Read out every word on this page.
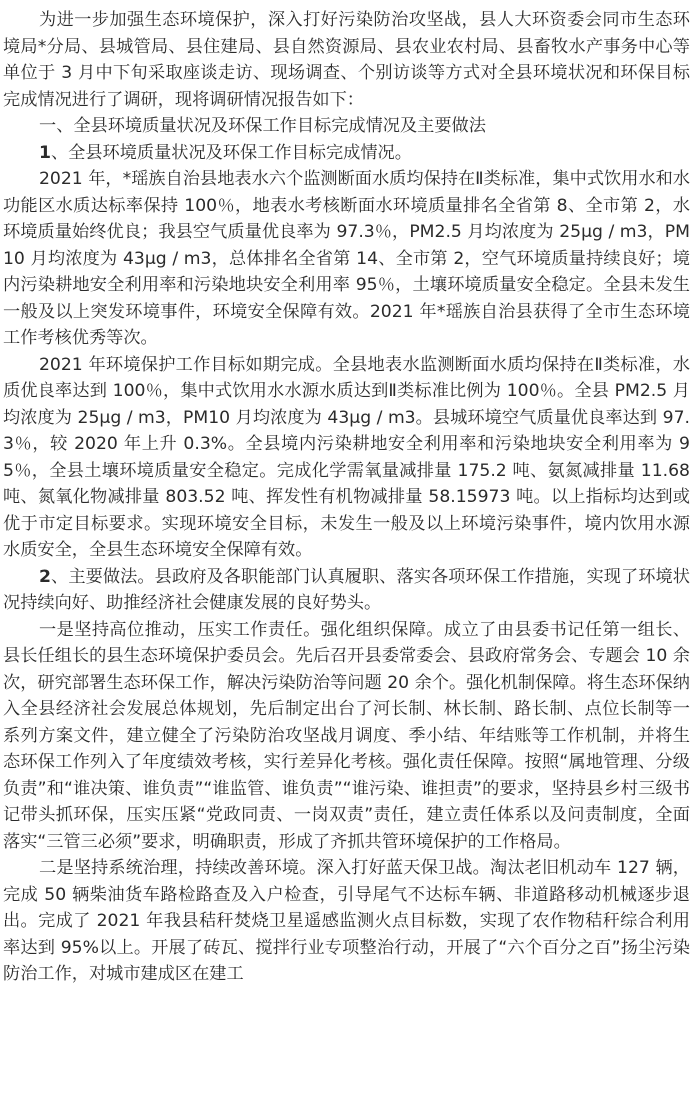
为进一步加强生态环境保护，深入打好污染防治攻坚战，县人大环资委会同市生态环境局*分局、县城管局、县住建局、县自然资源局、县农业农村局、县畜牧水产事务中心等单位于 3 月中下旬采取座谈走访、现场调查、个别访谈等方式对全县环境状况和环保目标完成情况进行了调研，现将调研情况报告如下：

一、全县环境质量状况及环保工作目标完成情况及主要做法

1、全县环境质量状况及环保工作目标完成情况。

2021 年，*瑶族自治县地表水六个监测断面水质均保持在Ⅱ类标准，集中式饮用水和水功能区水质达标率保持 100％，地表水考核断面水环境质量排名全省第 8、全市第 2，水环境质量始终优良；我县空气质量优良率为 97.3％，PM2.5 月均浓度为 25μg / m3，PM10 月均浓度为 43μg / m3，总体排名全省第 14、全市第 2，空气环境质量持续良好；境内污染耕地安全利用率和污染地块安全利用率 95％，土壤环境质量安全稳定。全县未发生一般及以上突发环境事件，环境安全保障有效。2021 年*瑶族自治县获得了全市生态环境工作考核优秀等次。

2021 年环境保护工作目标如期完成。全县地表水监测断面水质均保持在Ⅱ类标准，水质优良率达到 100％，集中式饮用水水源水质达到Ⅱ类标准比例为 100％。全县 PM2.5 月均浓度为 25μg / m3，PM10 月均浓度为 43μg / m3。县城环境空气质量优良率达到 97.3％，较 2020 年上升 0.3%。全县境内污染耕地安全利用率和污染地块安全利用率为 95％，全县土壤环境质量安全稳定。完成化学需氧量减排量 175.2 吨、氨氮减排量 11.68 吨、氮氧化物减排量 803.52 吨、挥发性有机物减排量 58.15973 吨。以上指标均达到或优于市定目标要求。实现环境安全目标，未发生一般及以上环境污染事件，境内饮用水源水质安全，全县生态环境安全保障有效。

2、主要做法。县政府及各职能部门认真履职、落实各项环保工作措施，实现了环境状况持续向好、助推经济社会健康发展的良好势头。

一是坚持高位推动，压实工作责任。强化组织保障。成立了由县委书记任第一组长、县长任组长的县生态环境保护委员会。先后召开县委常委会、县政府常务会、专题会 10 余次，研究部署生态环保工作，解决污染防治等问题 20 余个。强化机制保障。将生态环保纳入全县经济社会发展总体规划，先后制定出台了河长制、林长制、路长制、点位长制等一系列方案文件，建立健全了污染防治攻坚战月调度、季小结、年结账等工作机制，并将生态环保工作列入了年度绩效考核，实行差异化考核。强化责任保障。按照“属地管理、分级负责”和“谁决策、谁负责”“谁监管、谁负责”“谁污染、谁担责”的要求，坚持县乡村三级书记带头抓环保，压实压紧“党政同责、一岗双责”责任，建立责任体系以及问责制度，全面落实“三管三必须”要求，明确职责，形成了齐抓共管环境保护的工作格局。

二是坚持系统治理，持续改善环境。深入打好蓝天保卫战。淘汰老旧机动车 127 辆，完成 50 辆柴油货车路检路查及入户检查，引导尾气不达标车辆、非道路移动机械逐步退出。完成了 2021 年我县秸秆焚烧卫星遥感监测火点目标数，实现了农作物秸秆综合利用率达到 95%以上。开展了砖瓦、搅拌行业专项整治行动，开展了“六个百分之百”扬尘污染防治工作，对城市建成区在建工
